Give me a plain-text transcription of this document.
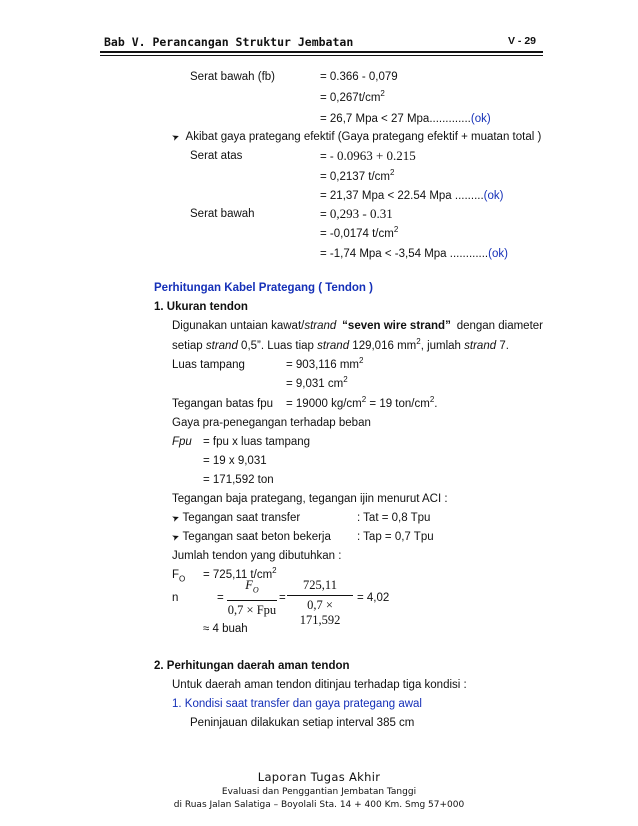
Bab V. Perancangan Struktur Jembatan	V - 29
Serat bawah (fb)	= 0.366 - 0,079
= $0,267t/cm^2$
= 26,7 Mpa < 27 Mpa.............(ok)
➤ Akibat gaya prategang efektif (Gaya prategang efektif + muatan total )
Serat atas	= - 0.0963 + 0.215
= 0,2137 $t/cm^2$
= 21,37 Mpa < 22.54 Mpa .........(ok)
Serat bawah	= 0,293 - 0.31
= -0,0174 $t/cm^2$
= -1,74 Mpa < -3,54 Mpa ............(ok)
Perhitungan Kabel Prategang ( Tendon )
1. Ukuran tendon
Digunakan untaian kawat/strand “seven wire strand” dengan diameter
setiap strand 0,5”. Luas tiap strand 129,016 $mm^2$, jumlah strand 7.
Luas tampang	= 903,116 $mm^2$
= 9,031 $cm^2$
Tegangan batas fpu = 19000 $kg/cm^2 = 19$ ton/$cm^2$.
Gaya pra-penegangan terhadap beban
Fpu = fpu x luas tampang
= 19 x 9,031
= 171,592 ton
Tegangan baja prategang, tegangan ijin menurut ACI :
➤ Tegangan saat transfer	: Tat = 0,8 Tpu
➤ Tegangan saat beton bekerja : Tap = 0,7 Tpu
Jumlah tendon yang dibutuhkan :
$F_O = 725,11$ $t/cm^2$
n	=
$F_O$
0,7 × Fpu
=
725,11
0,7 × 171,592
= 4,02
≈ 4 buah
2. Perhitungan daerah aman tendon
Untuk daerah aman tendon ditinjau terhadap tiga kondisi :
1. Kondisi saat transfer dan gaya prategang awal
Peninjauan dilakukan setiap interval 385 cm
Laporan Tugas Akhir
Evaluasi dan Penggantian Jembatan Tanggi
di Ruas Jalan Salatiga – Boyolali Sta. 14 + 400 Km. Smg 57+000
